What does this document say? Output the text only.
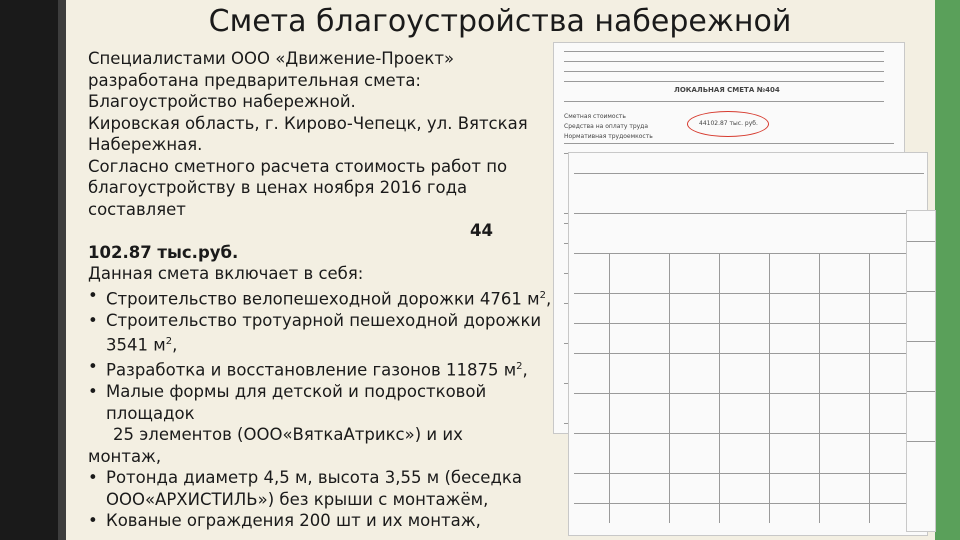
Смета благоустройства набережной
ЛОКАЛЬНАЯ СМЕТА №404
Сметная стоимость
Средства на оплату труда
Нормативная трудоемкость
44102.87 тыс. руб.

Специалистами ООО «Движение-Проект»

разработана предварительная смета:

Благоустройство набережной.

Кировская область, г. Кирово-Чепецк, ул. Вятская

Набережная.

Согласно сметного расчета стоимость работ по

благоустройству в ценах ноября 2016 года

составляет

44

102.87 тыс.руб.

Данная смета включает в себя:

• Строительство велопешеходной дорожки 4761 $м^2$,
• Строительство тротуарной пешеходной дорожки 3541 $м^2$,
• Разработка и восстановление газонов 11875 $м^2$,
• Малые формы для детской и подростковой площадок

25 элементов (ООО«ВяткаАтрикс») и их

монтаж,

• Ротонда диаметр 4,5 м, высота 3,55 м (беседка ООО«АРХИСТИЛЬ») без крыши с монтажём,
• Кованые ограждения 200 шт и их монтаж,
